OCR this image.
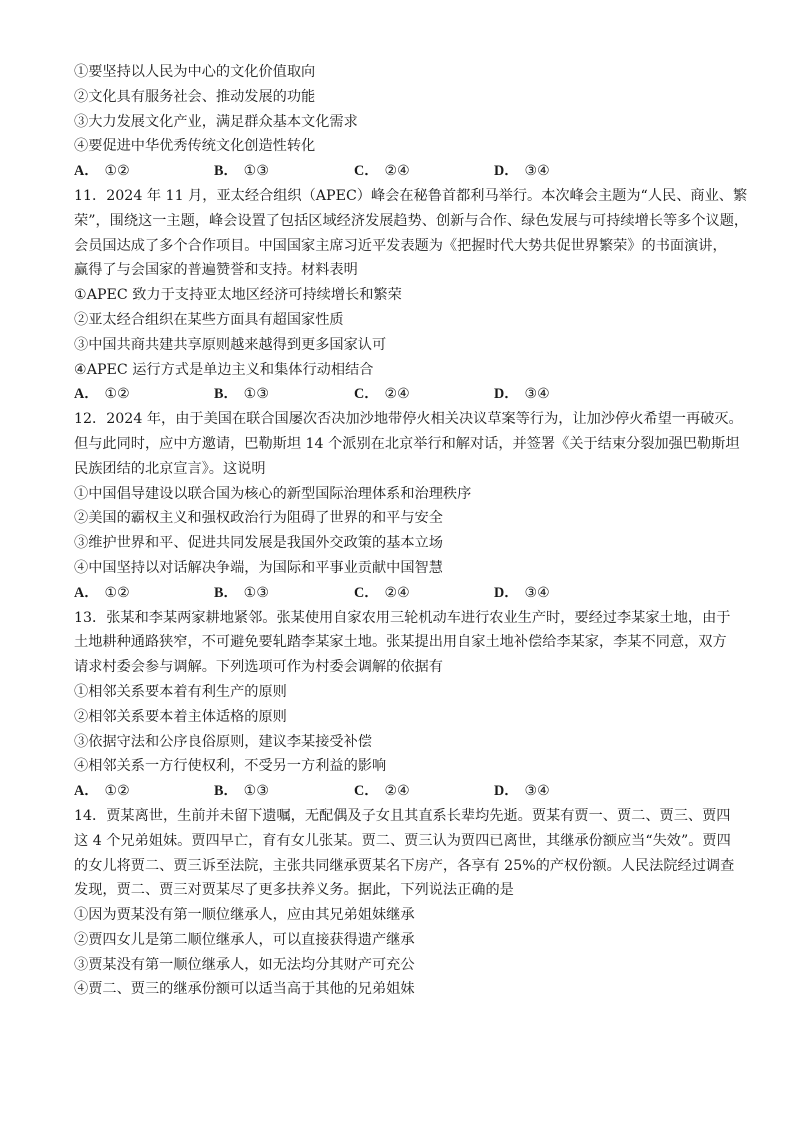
①要坚持以人民为中心的文化价值取向
②文化具有服务社会、推动发展的功能
③大力发展文化产业，满足群众基本文化需求
④要促进中华优秀传统文化创造性转化
A． ①②	B． ①③	C． ②④	D． ③④
11．2024 年 11 月，亚太经合组织（APEC）峰会在秘鲁首都利马举行。本次峰会主题为“人民、商业、繁
荣”，围绕这一主题，峰会设置了包括区域经济发展趋势、创新与合作、绿色发展与可持续增长等多个议题，
会员国达成了多个合作项目。中国国家主席习近平发表题为《把握时代大势共促世界繁荣》的书面演讲，
赢得了与会国家的普遍赞誉和支持。材料表明
①APEC 致力于支持亚太地区经济可持续增长和繁荣
②亚太经合组织在某些方面具有超国家性质
③中国共商共建共享原则越来越得到更多国家认可
④APEC 运行方式是单边主义和集体行动相结合
A． ①②	B． ①③	C． ②④	D． ③④
12．2024 年，由于美国在联合国屡次否决加沙地带停火相关决议草案等行为，让加沙停火希望一再破灭。
但与此同时，应中方邀请，巴勒斯坦 14 个派别在北京举行和解对话，并签署《关于结束分裂加强巴勒斯坦
民族团结的北京宣言》。这说明
①中国倡导建设以联合国为核心的新型国际治理体系和治理秩序
②美国的霸权主义和强权政治行为阻碍了世界的和平与安全
③维护世界和平、促进共同发展是我国外交政策的基本立场
④中国坚持以对话解决争端，为国际和平事业贡献中国智慧
A． ①②	B． ①③	C． ②④	D． ③④
13．张某和李某两家耕地紧邻。张某使用自家农用三轮机动车进行农业生产时，要经过李某家土地，由于
土地耕种通路狭窄，不可避免要轧踏李某家土地。张某提出用自家土地补偿给李某家，李某不同意，双方
请求村委会参与调解。下列选项可作为村委会调解的依据有
①相邻关系要本着有利生产的原则
②相邻关系要本着主体适格的原则
③依据守法和公序良俗原则，建议李某接受补偿
④相邻关系一方行使权利，不受另一方利益的影响
A． ①②	B． ①③	C． ②④	D． ③④
14．贾某离世，生前并未留下遗嘱，无配偶及子女且其直系长辈均先逝。贾某有贾一、贾二、贾三、贾四
这 4 个兄弟姐妹。贾四早亡，育有女儿张某。贾二、贾三认为贾四已离世，其继承份额应当“失效”。贾四
的女儿将贾二、贾三诉至法院，主张共同继承贾某名下房产，各享有 25%的产权份额。人民法院经过调查
发现，贾二、贾三对贾某尽了更多扶养义务。据此，下列说法正确的是
①因为贾某没有第一顺位继承人，应由其兄弟姐妹继承
②贾四女儿是第二顺位继承人，可以直接获得遗产继承
③贾某没有第一顺位继承人，如无法均分其财产可充公
④贾二、贾三的继承份额可以适当高于其他的兄弟姐妹
